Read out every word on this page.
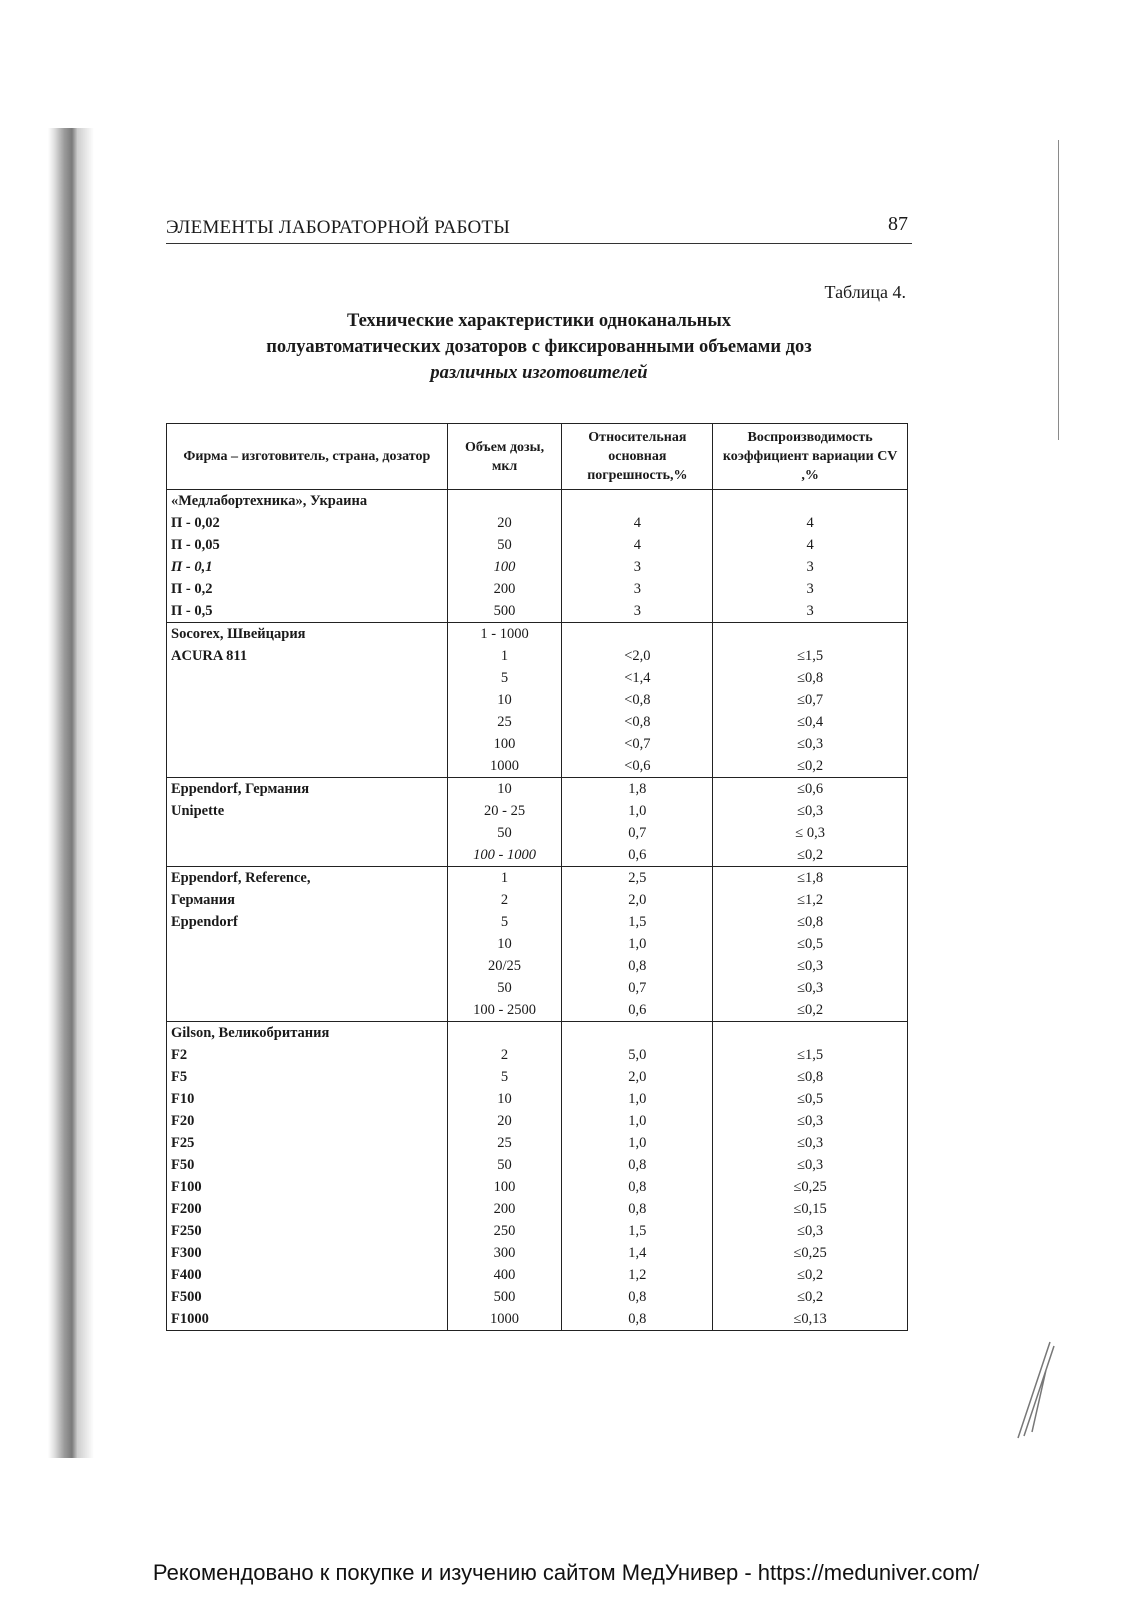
ЭЛЕМЕНТЫ ЛАБОРАТОРНОЙ РАБОТЫ	87
Таблица 4.
Технические характеристики одноканальных
полуавтоматических дозаторов с фиксированными объемами доз
различных изготовителей
Фирма – изготовитель, страна, дозатор	Объем дозы, мкл	Относительная основная погрешность,%	Воспроизводимость коэффициент вариации CV ,%
«Медлабортехника», Украина			
П - 0,02	20	4	4
П - 0,05	50	4	4
П - 0,1	100	3	3
П - 0,2	200	3	3
П - 0,5	500	3	3
Socorex, Швейцария	1 - 1000		
ACURA 811	1	<2,0	≤1,5
	5	<1,4	≤0,8
	10	<0,8	≤0,7
	25	<0,8	≤0,4
	100	<0,7	≤0,3
	1000	<0,6	≤0,2
Eppendorf, Германия	10	1,8	≤0,6
Unipette	20 - 25	1,0	≤0,3
	50	0,7	≤ 0,3
	100 - 1000	0,6	≤0,2
Eppendorf, Reference,	1	2,5	≤1,8
Германия	2	2,0	≤1,2
Eppendorf	5	1,5	≤0,8
	10	1,0	≤0,5
	20/25	0,8	≤0,3
	50	0,7	≤0,3
	100 - 2500	0,6	≤0,2
Gilson, Великобритания			
F2	2	5,0	≤1,5
F5	5	2,0	≤0,8
F10	10	1,0	≤0,5
F20	20	1,0	≤0,3
F25	25	1,0	≤0,3
F50	50	0,8	≤0,3
F100	100	0,8	≤0,25
F200	200	0,8	≤0,15
F250	250	1,5	≤0,3
F300	300	1,4	≤0,25
F400	400	1,2	≤0,2
F500	500	0,8	≤0,2
F1000	1000	0,8	≤0,13
Рекомендовано к покупке и изучению сайтом МедУнивер - https://meduniver.com/
